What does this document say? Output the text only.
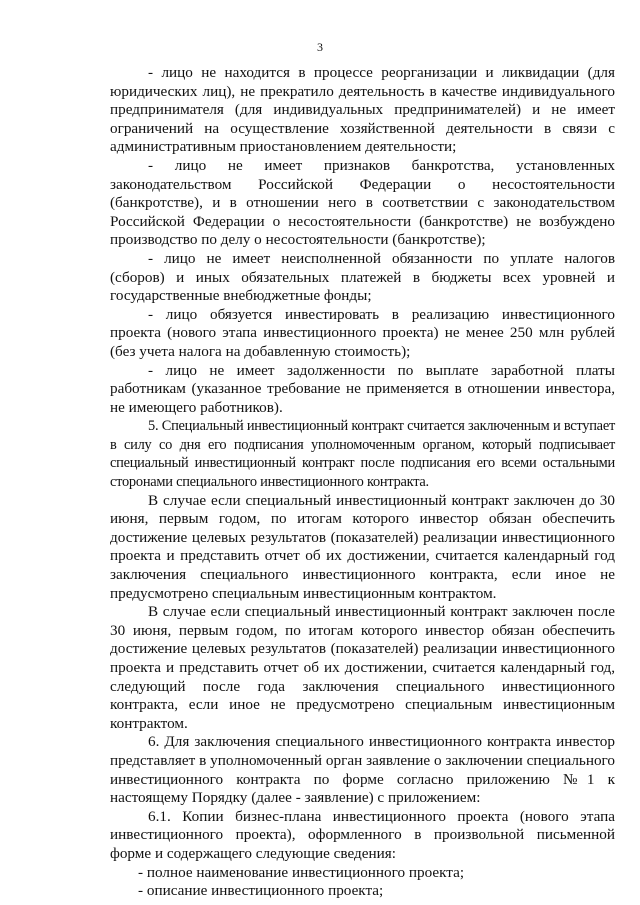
3

- лицо не находится в процессе реорганизации и ликвидации (для юридических лиц), не прекратило деятельность в качестве индивидуального предпринимателя (для индивидуальных предпринимателей) и не имеет ограничений на осуществление хозяйственной деятельности в связи с административным приостановлением деятельности;

- лицо не имеет признаков банкротства, установленных законодательством Российской Федерации о несостоятельности (банкротстве), и в отношении него в соответствии с законодательством Российской Федерации о несостоятельности (банкротстве) не возбуждено производство по делу о несостоятельности (банкротстве);

- лицо не имеет неисполненной обязанности по уплате налогов (сборов) и иных обязательных платежей в бюджеты всех уровней и государственные внебюджетные фонды;

- лицо обязуется инвестировать в реализацию инвестиционного проекта (нового этапа инвестиционного проекта) не менее 250 млн рублей (без учета налога на добавленную стоимость);

- лицо не имеет задолженности по выплате заработной платы работникам (указанное требование не применяется в отношении инвестора, не имеющего работников).

5. Специальный инвестиционный контракт считается заключенным и вступает в силу со дня его подписания уполномоченным органом, который подписывает специальный инвестиционный контракт после подписания его всеми остальными сторонами специального инвестиционного контракта.

В случае если специальный инвестиционный контракт заключен до 30 июня, первым годом, по итогам которого инвестор обязан обеспечить достижение целевых результатов (показателей) реализации инвестиционного проекта и представить отчет об их достижении, считается календарный год заключения специального инвестиционного контракта, если иное не предусмотрено специальным инвестиционным контрактом.

В случае если специальный инвестиционный контракт заключен после 30 июня, первым годом, по итогам которого инвестор обязан обеспечить достижение целевых результатов (показателей) реализации инвестиционного проекта и представить отчет об их достижении, считается календарный год, следующий после года заключения специального инвестиционного контракта, если иное не предусмотрено специальным инвестиционным контрактом.

6. Для заключения специального инвестиционного контракта инвестор представляет в уполномоченный орган заявление о заключении специального инвестиционного контракта по форме согласно приложению №1 к настоящему Порядку (далее - заявление) с приложением:

6.1. Копии бизнес-плана инвестиционного проекта (нового этапа инвестиционного проекта), оформленного в произвольной письменной форме и содержащего следующие сведения:

- полное наименование инвестиционного проекта;

- описание инвестиционного проекта;
